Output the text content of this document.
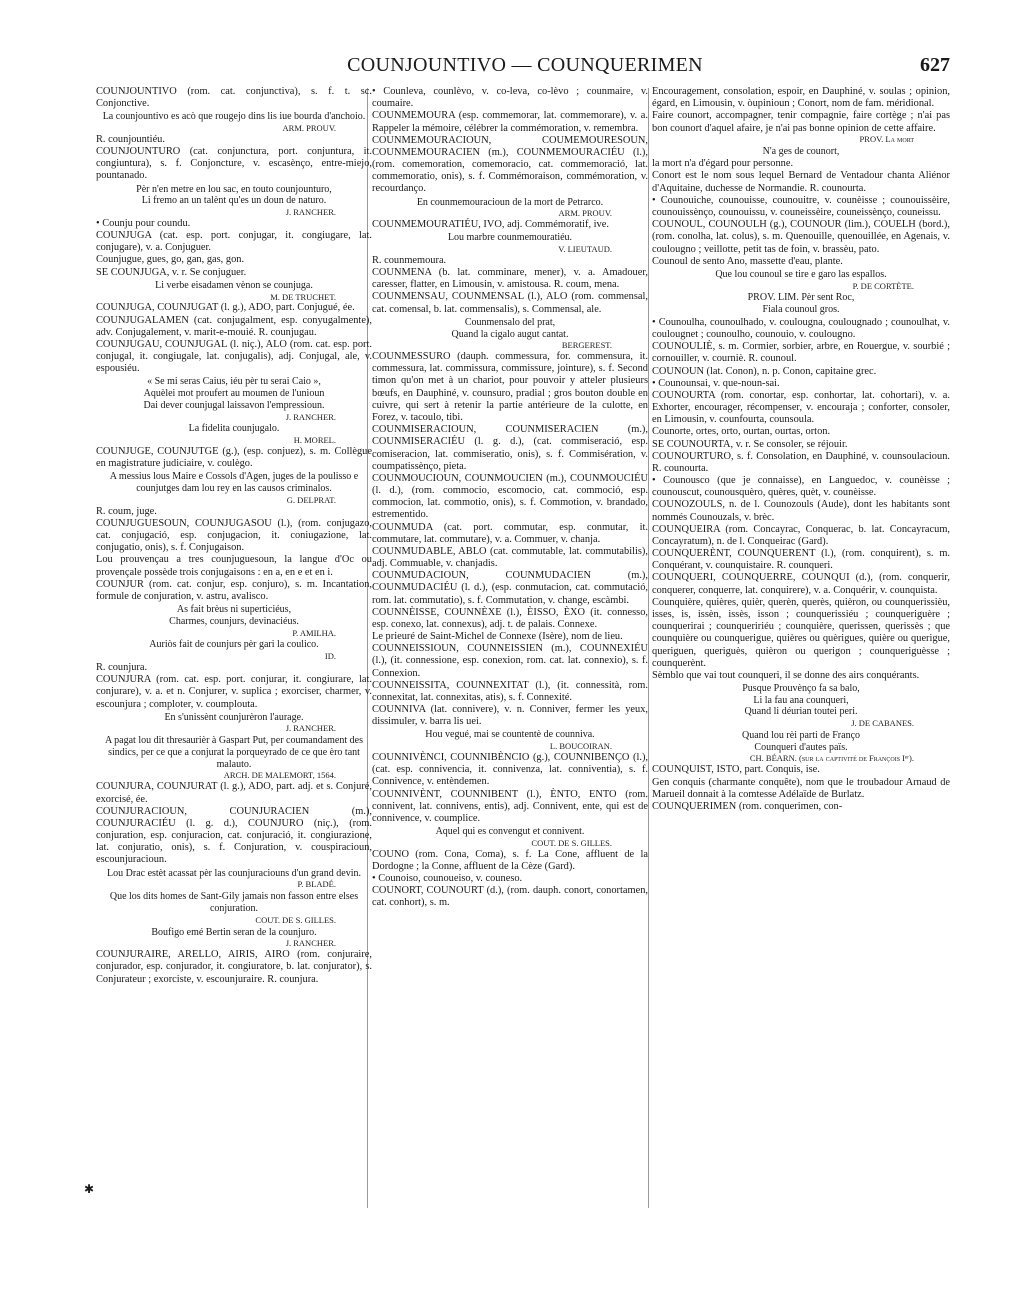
COUNJOUNTIVO — COUNQUERIMEN	627

COUNJOUNTIVO (rom. cat. conjunctiva), s. f. t. sc. Conjonctive.

La counjountivo es acò que rougejo dins lis iue bourda d'anchoio.

ARM. PROUV.

R. counjountiéu.

COUNJOUNTURO (cat. conjunctura, port. conjuntura, it. congiuntura), s. f. Conjoncture, v. escasènço, entre-miejo, pountanado.

Pèr n'en metre en lou sac, en touto counjounturo,
Li fremo an un talènt qu'es un doun de naturo.

J. RANCHER.

• Counju pour coundu.

COUNJUGA (cat. esp. port. conjugar, it. congiugare, lat. conjugare), v. a. Conjuguer.

Counjugue, gues, go, gan, gas, gon.

SE COUNJUGA, v. r. Se conjuguer.

Li verbe eisadamen vènon se counjuga.

M. DE TRUCHET.

COUNJUGA, COUNJUGAT (l. g.), ADO, part. Conjugué, ée.

COUNJUGALAMEN (cat. conjugalment, esp. conyugalmente), adv. Conjugalement, v. marit-e-mouié. R. counjugau.

COUNJUGAU, COUNJUGAL (l. niç.), ALO (rom. cat. esp. port. conjugal, it. congiugale, lat. conjugalis), adj. Conjugal, ale, v. espousiéu.

« Se mi seras Caius, iéu pèr tu serai Caio »,
Aquèlei mot proufert au moumen de l'unioun
Dai dever counjugal laissavon l'empressioun.

J. RANCHER.

La fidelita counjugalo.

H. MOREL.

COUNJUGE, COUNJUTGE (g.), (esp. conjuez), s. m. Collègue en magistrature judiciaire, v. coulègo.

A messius lous Maire e Cossols d'Agen, juges de la poulisso e counjutges dam lou rey en las causos criminalos.

G. DELPRAT.

R. coum, juge.

COUNJUGUESOUN, COUNJUGASOU (l.), (rom. conjugazo, cat. conjugació, esp. conjugacion, it. coniugazione, lat. conjugatio, onis), s. f. Conjugaison.

Lou prouvençau a tres counjuguesoun, la langue d'Oc ou provençale possède trois conjugaisons : en a, en e et en i.

COUNJUR (rom. cat. conjur, esp. conjuro), s. m. Incantation, formule de conjuration, v. astru, avalisco.

As fait brèus ni superticiéus,
Charmes, counjurs, devinaciéus.

P. AMILHA.

Auriòs fait de counjurs pèr gari la coulico.

ID.

R. counjura.

COUNJURA (rom. cat. esp. port. conjurar, it. congiurare, lat. conjurare), v. a. et n. Conjurer, v. suplica ; exorciser, charmer, v. escounjura ; comploter, v. coumplouta.

En s'unissènt counjurèron l'aurage.

J. RANCHER.

A pagat lou dit thresaurièr à Gaspart Put, per coumandament des sindics, per ce que a conjurat la porqueyrado de ce que èro tant malauto.

ARCH. DE MALEMORT, 1564.

COUNJURA, COUNJURAT (l. g.), ADO, part. adj. et s. Conjuré, exorcisé, ée.

COUNJURACIOUN, COUNJURACIEN (m.), COUNJURACIÉU (l. g. d.), COUNJURO (niç.), (rom. conjuration, esp. conjuracion, cat. conjuració, it. congiurazione, lat. conjuratio, onis), s. f. Conjuration, v. couspiracioun, escounjuracioun.

Lou Drac estèt acassat pèr las counjuraciouns d'un grand devin.

P. BLADÉ.

Que los dits homes de Sant-Gily jamais non fasson entre elses conjuration.

COUT. DE S. GILLES.

Boufigo emé Bertin seran de la counjuro.

J. RANCHER.

COUNJURAIRE, ARELLO, AIRIS, AIRO (rom. conjuraire, conjurador, esp. conjurador, it. congiuratore, b. lat. conjurator), s. Conjurateur ; exorciste, v. escounjuraire. R. counjura.

• Counleva, counlèvo, v. co-leva, co-lèvo ; counmaire, v. coumaire.

COUNMEMOURA (esp. commemorar, lat. commemorare), v. a. Rappeler la mémoire, célébrer la commémoration, v. remembra.

COUNMEMOURACIOUN, COUMEMOURESOUN, COUNMEMOURACIEN (m.), COUNMEMOURACIÉU (l.), (rom. comemoration, comemoracio, cat. commemoració, lat. commemoratio, onis), s. f. Commémoraison, commémoration, v. recourdanço.

En counmemouracioun de la mort de Petrarco.

ARM. PROUV.

COUNMEMOURATIÉU, IVO, adj. Commémoratif, ive.

Lou marbre counmemouratiéu.

V. LIEUTAUD.

R. counmemoura.

COUNMENA (b. lat. comminare, mener), v. a. Amadouer, caresser, flatter, en Limousin, v. amistousa. R. coum, mena.

COUNMENSAU, COUNMENSAL (l.), ALO (rom. commensal, cat. comensal, b. lat. commensalis), s. Commensal, ale.

Counmensalo del prat,
Quand la cigalo augut cantat.

BERGEREST.

COUNMESSURO (dauph. commessura, for. commensura, it. commessura, lat. commissura, commissure, jointure), s. f. Second timon qu'on met à un chariot, pour pouvoir y atteler plusieurs bœufs, en Dauphiné, v. counsuro, pradial ; gros bouton double en cuivre, qui sert à retenir la partie antérieure de la culotte, en Forez, v. tacoulo, tibi.

COUNMISERACIOUN, COUNMISERACIEN (m.), COUNMISERACIÉU (l. g. d.), (cat. commiseració, esp. comiseracion, lat. commiseratio, onis), s. f. Commisération, v. coumpatissènço, pieta.

COUNMOUCIOUN, COUNMOUCIEN (m.), COUNMOUCIÉU (l. d.), (rom. commocio, escomocio, cat. commoció, esp. commocion, lat. commotio, onis), s. f. Commotion, v. brandado, estrementido.

COUNMUDA (cat. port. commutar, esp. conmutar, it. commutare, lat. commutare), v. a. Commuer, v. chanja.

COUNMUDABLE, ABLO (cat. commutable, lat. commutabilis), adj. Commuable, v. chanjadis.

COUNMUDACIOUN, COUNMUDACIEN (m.), COUNMUDACIÉU (l. d.), (esp. conmutacion, cat. commutació, rom. lat. commutatio), s. f. Commutation, v. change, escàmbi.

COUNNÈISSE, COUNNÈXE (l.), ÈISSO, ÈXO (it. connesso, esp. conexo, lat. connexus), adj. t. de palais. Connexe.

Le prieuré de Saint-Michel de Connexe (Isère), nom de lieu.

COUNNEISSIOUN, COUNNEISSIEN (m.), COUNNEXIÉU (l.), (it. connessione, esp. conexion, rom. cat. lat. connexio), s. f. Connexion.

COUNNEISSITA, COUNNEXITAT (l.), (it. connessità, rom. connexitat, lat. connexitas, atis), s. f. Connexité.

COUNNIVA (lat. connivere), v. n. Conniver, fermer les yeux, dissimuler, v. barra lis uei.

Hou vegué, mai se countentè de counniva.

L. BOUCOIRAN.

COUNNIVÈNCI, COUNNIBÈNCIO (g.), COUNNIBENÇO (l.), (cat. esp. connivencia, it. connivenza, lat. conniventia), s. f. Connivence, v. entèndemen.

COUNNIVÈNT, COUNNIBENT (l.), ÈNTO, ENTO (rom. connivent, lat. connivens, entis), adj. Connivent, ente, qui est de connivence, v. coumplice.

Aquel qui es convengut et connivent.

COUT. DE S. GILLES.

COUNO (rom. Cona, Coma), s. f. La Cone, affluent de la Dordogne ; la Conne, affluent de la Cèze (Gard).

• Counoiso, counoueiso, v. couneso.

COUNORT, COUNOURT (d.), (rom. dauph. conort, conortamen, cat. conhort), s. m.

Encouragement, consolation, espoir, en Dauphiné, v. soulas ; opinion, égard, en Limousin, v. òupinioun ; Conort, nom de fam. méridional.

Faire counort, accompagner, tenir compagnie, faire cortège ; n'ai pas bon counort d'aquel afaire, je n'ai pas bonne opinion de cette affaire.

PROV. La mort

N'a ges de counort,

la mort n'a d'égard pour personne.

Conort est le nom sous lequel Bernard de Ventadour chanta Aliénor d'Aquitaine, duchesse de Normandie. R. counourta.

• Counouiche, counouisse, counouitre, v. counèisse ; counouissèire, counouissènço, counouissu, v. couneissèire, couneissènço, couneissu.

COUNOUL, COUNOULH (g.), COUNOUR (lim.), COUELH (bord.), (rom. conolha, lat. colus), s. m. Quenouille, quenouillée, en Agenais, v. coulougno ; veillotte, petit tas de foin, v. brassèu, pato.

Counoul de sento Ano, massette d'eau, plante.

Que lou counoul se tire e garo las espallos.

P. DE CORTÈTE.

PROV. LIM. Pèr sent Roc,
Fiala counoul gros.

• Counoulha, counoulhado, v. coulougna, coulougnado ; counoulhat, v. coulougnet ; counoulho, counouio, v. coulougno.

COUNOULIÈ, s. m. Cormier, sorbier, arbre, en Rouergue, v. sourbié ; cornouiller, v. courniè. R. counoul.

COUNOUN (lat. Conon), n. p. Conon, capitaine grec.

• Counounsai, v. que-noun-sai.

COUNOURTA (rom. conortar, esp. conhortar, lat. cohortari), v. a. Exhorter, encourager, récompenser, v. encouraja ; conforter, consoler, en Limousin, v. counfourta, counsoula.

Counorte, ortes, orto, ourtan, ourtas, orton.

SE COUNOURTA, v. r. Se consoler, se réjouir.

COUNOURTURO, s. f. Consolation, en Dauphiné, v. counsoulacioun. R. counourta.

• Counousco (que je connaisse), en Languedoc, v. counèisse ; counouscut, counousquèro, quères, quèt, v. counèisse.

COUNOZOULS, n. de l. Counozouls (Aude), dont les habitants sont nommés Counouzals, v. brèc.

COUNQUEIRA (rom. Concayrac, Conquerac, b. lat. Concayracum, Concayratum), n. de l. Conqueirac (Gard).

COUNQUERÈNT, COUNQUERENT (l.), (rom. conquirent), s. m. Conquérant, v. counquistaire. R. counqueri.

COUNQUERI, COUNQUERRE, COUNQUI (d.), (rom. conquerir, conquerer, conquerre, lat. conquirere), v. a. Conquérir, v. counquista.

Counquière, quières, quièr, querèn, querès, quièron, ou counquerissièu, isses, is, issèn, issès, isson ; counquerissiéu ; counqueriguère ; counquerirai ; counqueririéu ; counquière, querissen, querissès ; que counquière ou counquerigue, quières ou quèrigues, quière ou querigue, queriguen, queriguès, quièron ou querigon ; counqueriguèsse ; counquerènt.

Sèmblo que vai tout counqueri, il se donne des airs conquérants.

Pusque Prouvènço fa sa balo,
Li la fau ana counqueri,
Quand li déurian toutei peri.

J. DE CABANES.

Quand lou rèi parti de Franço
Counqueri d'autes païs.

CH. BÉARN. (sur la captivité de François Iᵉʳ).

COUNQUIST, ISTO, part. Conquis, ise.

Gen conquis (charmante conquête), nom que le troubadour Arnaud de Marueil donnait à la comtesse Adélaïde de Burlatz.

COUNQUERIMEN (rom. conquerimen, con-

✱
